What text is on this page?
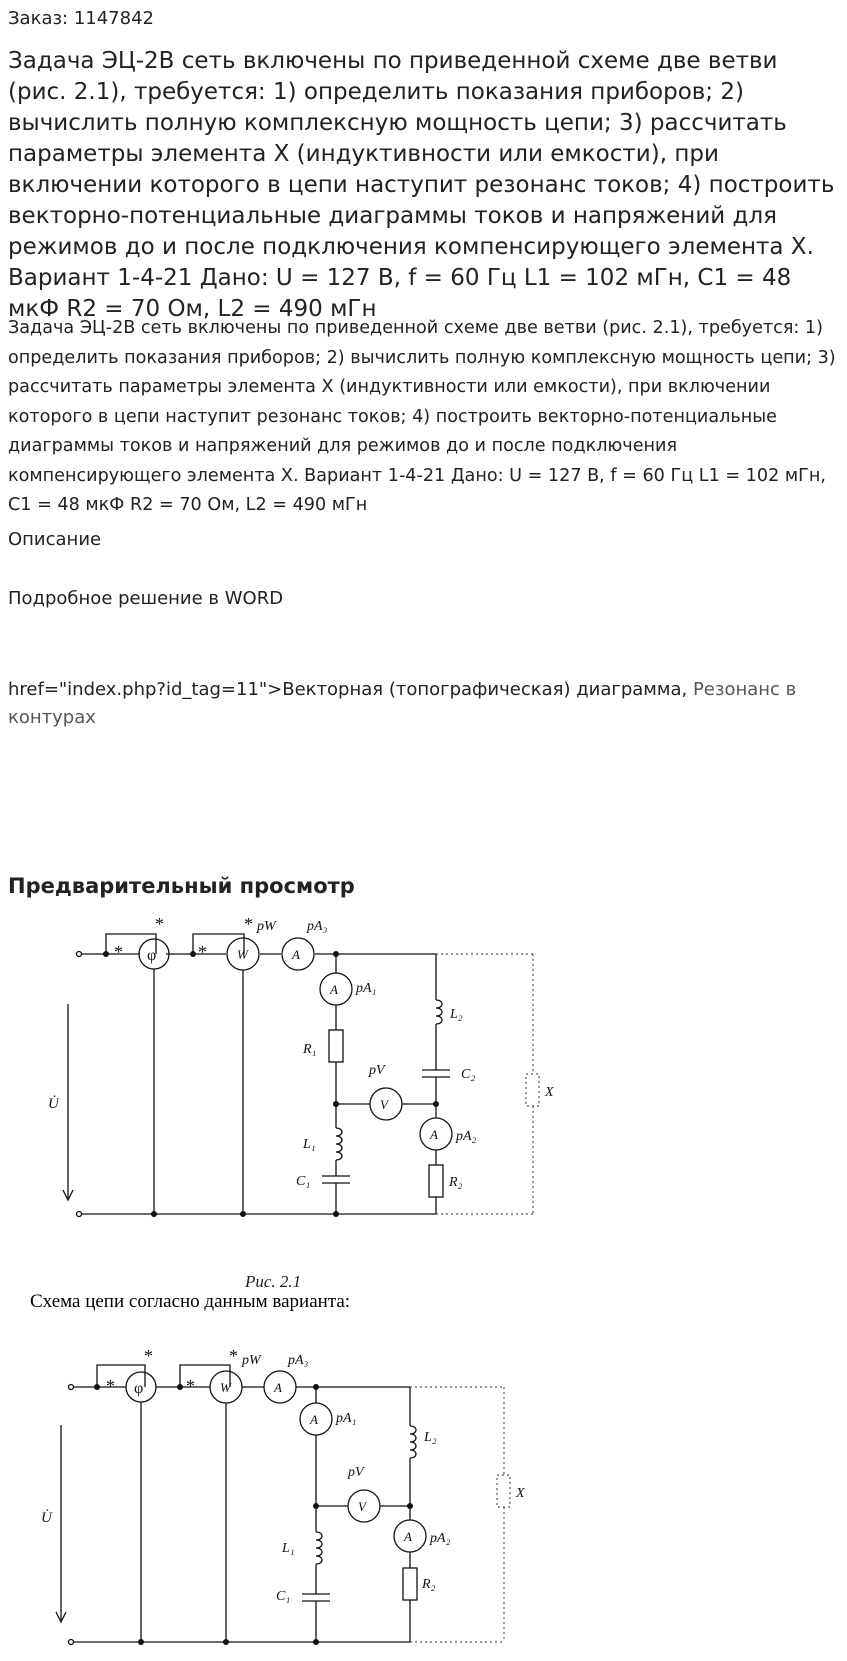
Заказ: 1147842
Задача ЭЦ-2В сеть включены по приведенной схеме две ветви (рис. 2.1), требуется: 1) определить показания приборов; 2) вычислить полную комплексную мощность цепи; 3) рассчитать параметры элемента X (индуктивности или емкости), при включении которого в цепи наступит резонанс токов; 4) построить векторно-потенциальные диаграммы токов и напряжений для режимов до и после подключения компенсирующего элемента X. Вариант 1-4-21 Дано: U = 127 В, f = 60 Гц L1 = 102 мГн, C1 = 48 мкФ R2 = 70 Ом, L2 = 490 мГн

Задача ЭЦ-2В сеть включены по приведенной схеме две ветви (рис. 2.1), требуется: 1) определить показания приборов; 2) вычислить полную комплексную мощность цепи; 3) рассчитать параметры элемента X (индуктивности или емкости), при включении которого в цепи наступит резонанс токов; 4) построить векторно-потенциальные диаграммы токов и напряжений для режимов до и после подключения компенсирующего элемента X. Вариант 1-4-21 Дано: U = 127 В, f = 60 Гц L1 = 102 мГн, C1 = 48 мкФ R2 = 70 Ом, L2 = 490 мГн

Описание
Подробное решение в WORD
href="index.php?id_tag=11">Векторная (топографическая) диаграмма, Резонанс в контурах
Предварительный просмотр
*
*
*
*
φ	W	A
A
V
A
pW pA₃
pA₁
pV
pA₂
L₂
C₂
X
R₁
L₁
C₁	R₂
U̇
Рис. 2.1
Схема цепи согласно данным варианта:
*
*
*
*
φ	W	A
A
V
A
pW pA₃
pA₁
pV
pA₂
L₂
X
L₁
C₁
R₂
U̇
